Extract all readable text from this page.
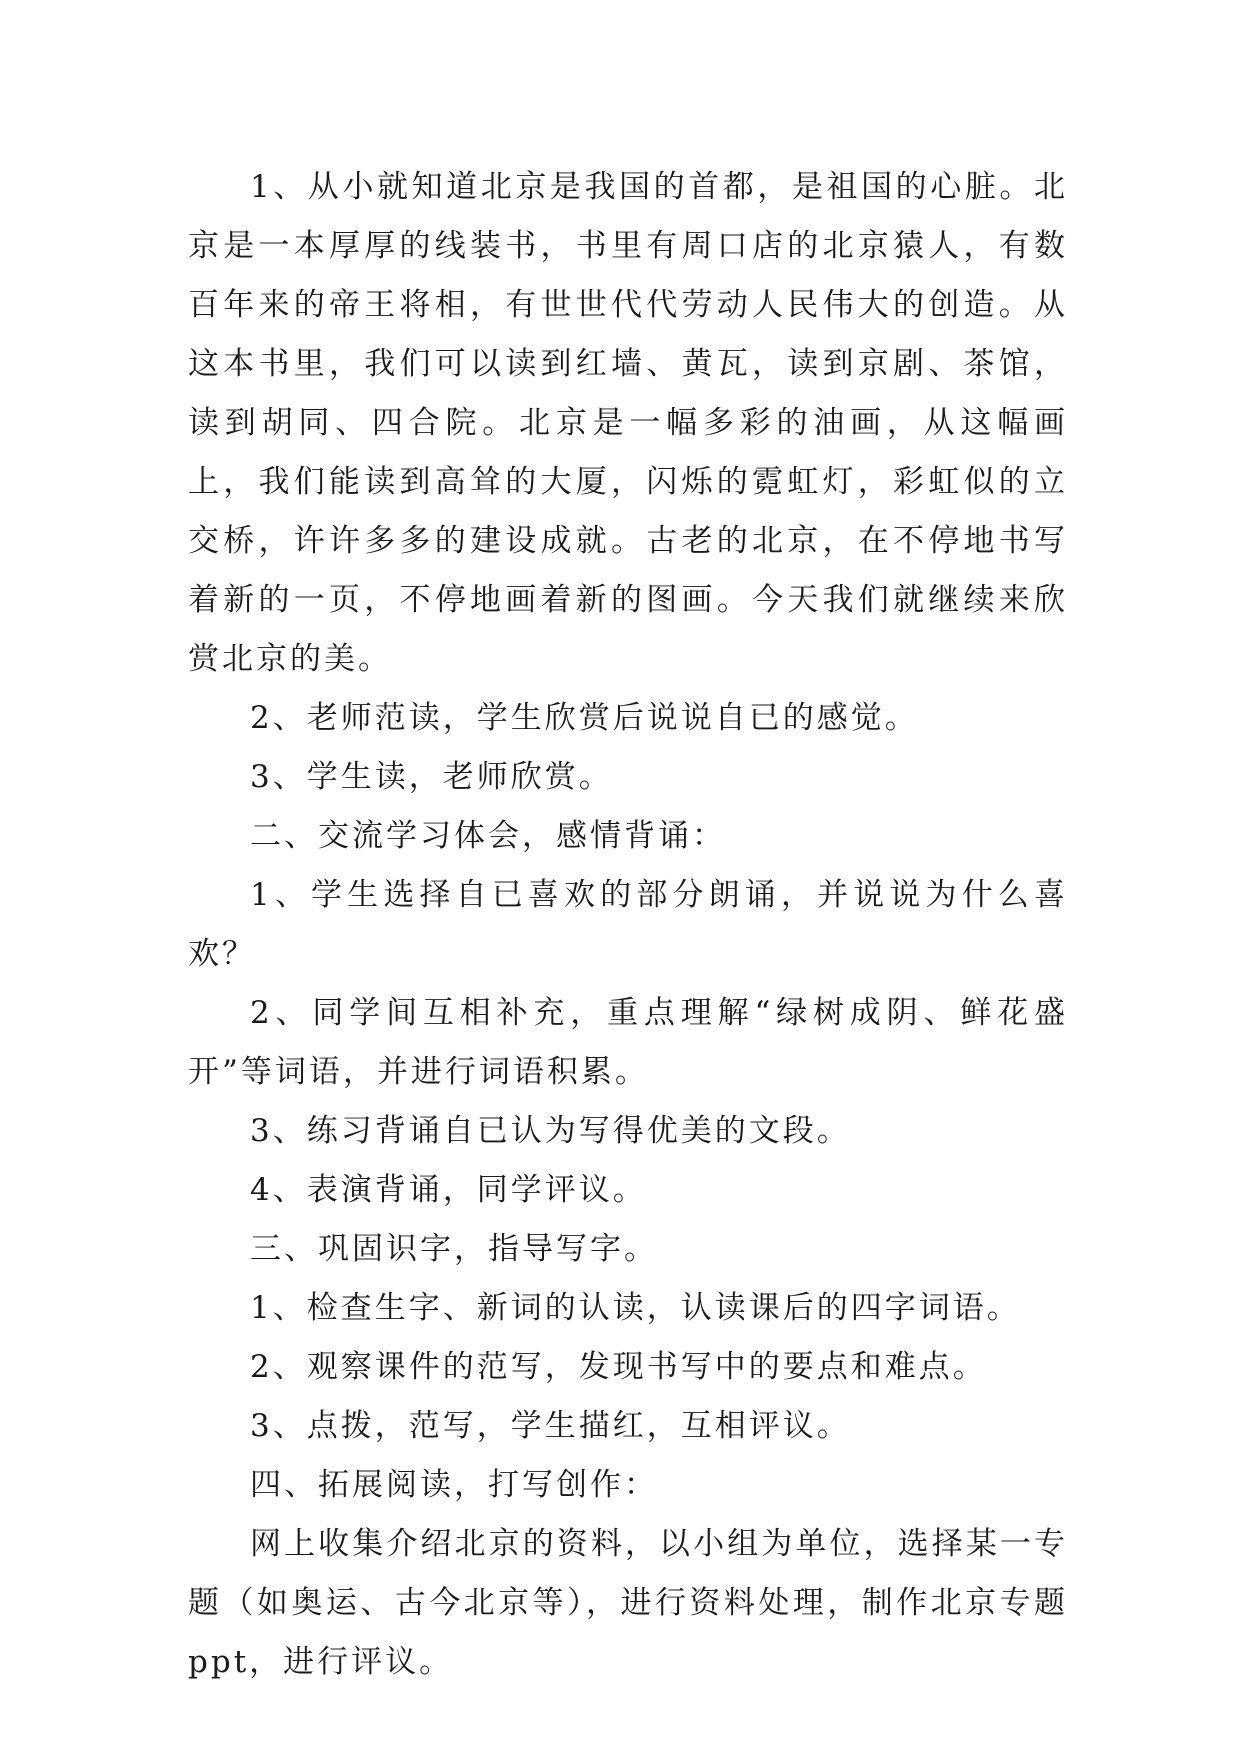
1、从小就知道北京是我国的首都，是祖国的心脏。北京是一本厚厚的线装书，书里有周口店的北京猿人，有数百年来的帝王将相，有世世代代劳动人民伟大的创造。从这本书里，我们可以读到红墙、黄瓦，读到京剧、茶馆，读到胡同、四合院。北京是一幅多彩的油画，从这幅画上，我们能读到高耸的大厦，闪烁的霓虹灯，彩虹似的立交桥，许许多多的建设成就。古老的北京，在不停地书写着新的一页，不停地画着新的图画。今天我们就继续来欣赏北京的美。

2、老师范读，学生欣赏后说说自已的感觉。

3、学生读，老师欣赏。

二、交流学习体会，感情背诵：

1、学生选择自已喜欢的部分朗诵，并说说为什么喜欢？

2、同学间互相补充，重点理解“绿树成阴、鲜花盛开”等词语，并进行词语积累。

3、练习背诵自已认为写得优美的文段。

4、表演背诵，同学评议。

三、巩固识字，指导写字。

1、检查生字、新词的认读，认读课后的四字词语。

2、观察课件的范写，发现书写中的要点和难点。

3、点拨，范写，学生描红，互相评议。

四、拓展阅读，打写创作：

网上收集介绍北京的资料，以小组为单位，选择某一专题（如奥运、古今北京等），进行资料处理，制作北京专题ppt，进行评议。
